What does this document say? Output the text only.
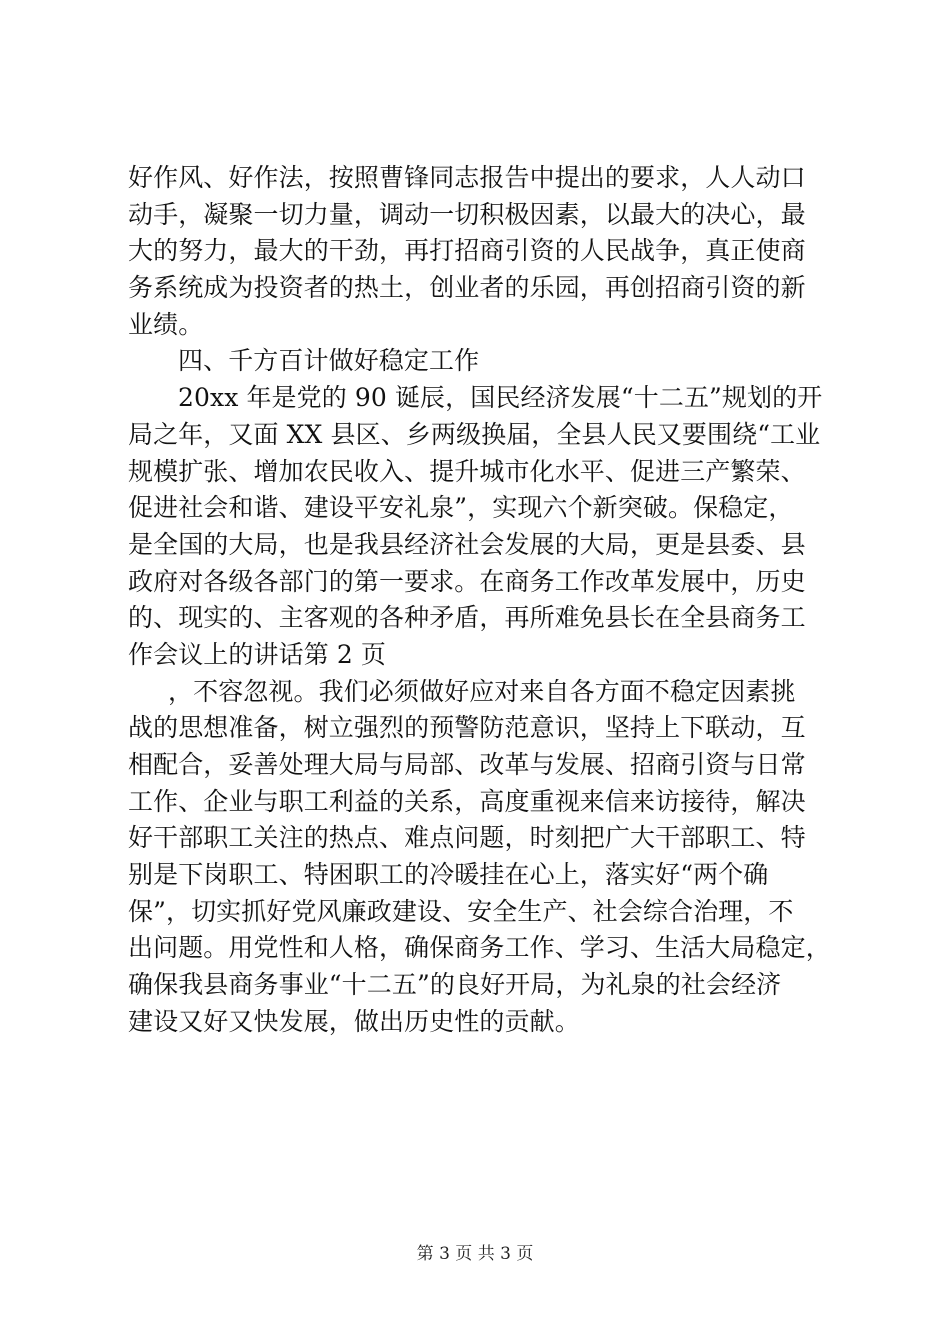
好作风、好作法，按照曹锋同志报告中提出的要求，人人动口
动手，凝聚一切力量，调动一切积极因素，以最大的决心，最
大的努力，最大的干劲，再打招商引资的人民战争，真正使商
务系统成为投资者的热土，创业者的乐园，再创招商引资的新
业绩。
四、千方百计做好稳定工作
20xx 年是党的 90 诞辰，国民经济发展“十二五”规划的开
局之年，又面 XX 县区、乡两级换届，全县人民又要围绕“工业
规模扩张、增加农民收入、提升城市化水平、促进三产繁荣、
促进社会和谐、建设平安礼泉”，实现六个新突破。保稳定，
是全国的大局，也是我县经济社会发展的大局，更是县委、县
政府对各级各部门的第一要求。在商务工作改革发展中，历史
的、现实的、主客观的各种矛盾，再所难免县长在全县商务工
作会议上的讲话第 2 页
，不容忽视。我们必须做好应对来自各方面不稳定因素挑
战的思想准备，树立强烈的预警防范意识，坚持上下联动，互
相配合，妥善处理大局与局部、改革与发展、招商引资与日常
工作、企业与职工利益的关系，高度重视来信来访接待，解决
好干部职工关注的热点、难点问题，时刻把广大干部职工、特
别是下岗职工、特困职工的冷暖挂在心上，落实好“两个确
保”，切实抓好党风廉政建设、安全生产、社会综合治理，不
出问题。用党性和人格，确保商务工作、学习、生活大局稳定，
确保我县商务事业“十二五”的良好开局，为礼泉的社会经济
建设又好又快发展，做出历史性的贡献。
第 3 页 共 3 页
